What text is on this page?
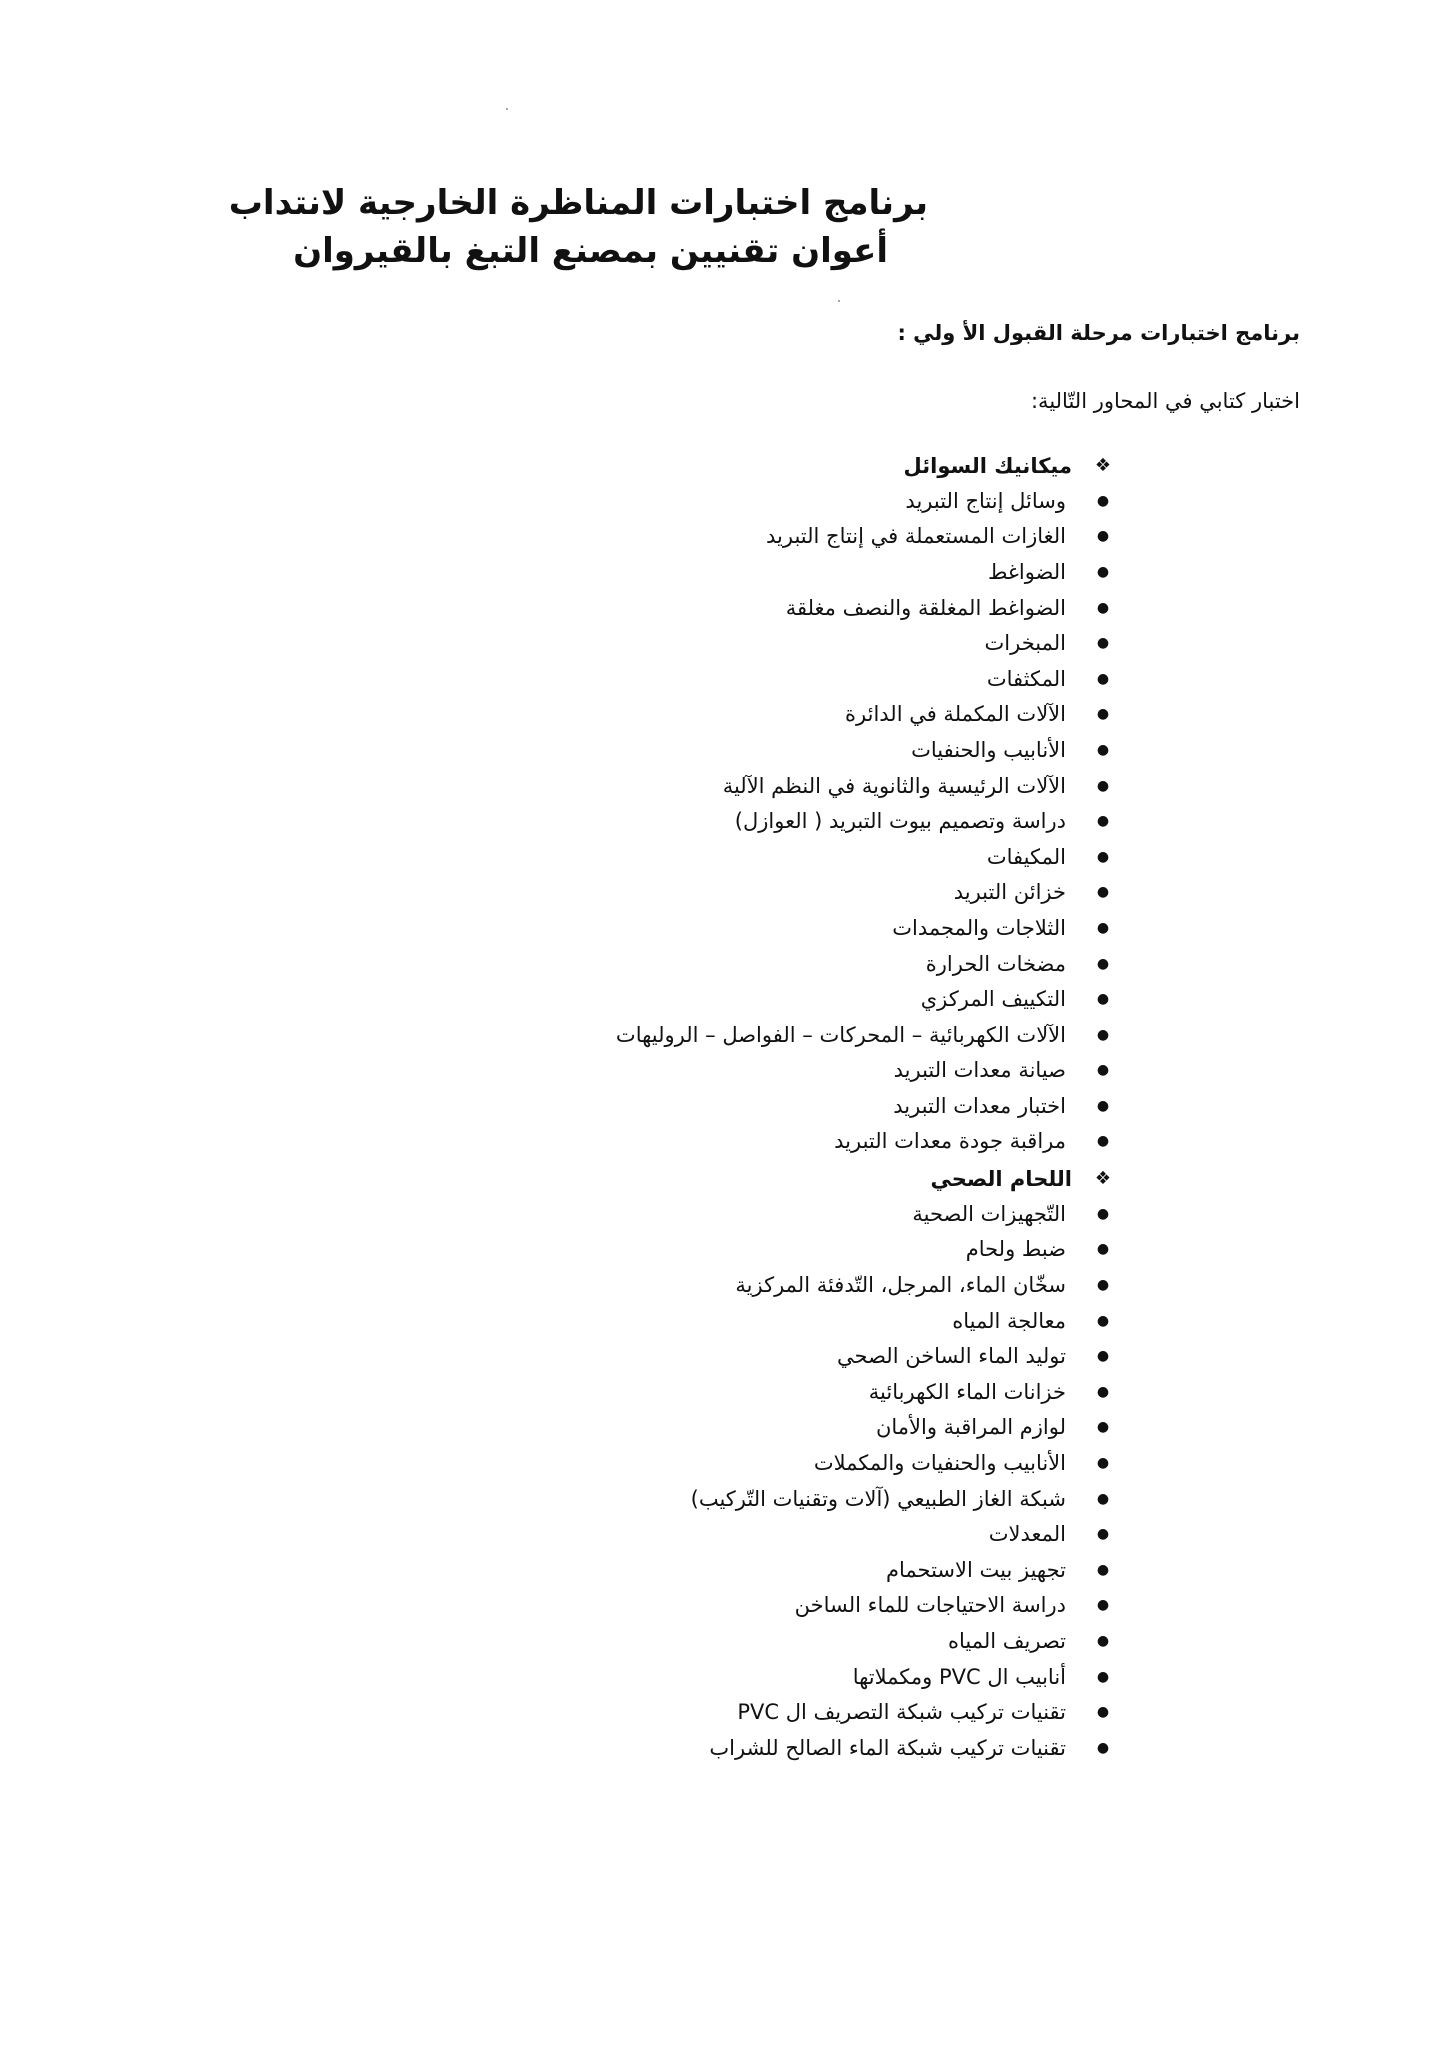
برنامج اختبارات المناظرة الخارجية لانتداب
أعوان تقنيين بمصنع التبغ بالقيروان

برنامج اختبارات مرحلة القبول الأ ولي :

اختبار كتابي في المحاور التّالية:

❖
ميكانيك السوائل
●
وسائل إنتاج التبريد
●
الغازات المستعملة في إنتاج التبريد
●
الضواغط
●
الضواغط المغلقة والنصف مغلقة
●
المبخرات
●
المكثفات
●
الآلات المكملة في الدائرة
●
الأنابيب والحنفيات
●
الآلات الرئيسية والثانوية في النظم الآلية
●
دراسة وتصميم بيوت التبريد ( العوازل)
●
المكيفات
●
خزائن التبريد
●
الثلاجات والمجمدات
●
مضخات الحرارة
●
التكييف المركزي
●
الآلات الكهربائية – المحركات – الفواصل – الروليهات
●
صيانة معدات التبريد
●
اختبار معدات التبريد
●
مراقبة جودة معدات التبريد
❖
اللحام الصحي
●
التّجهيزات الصحية
●
ضبط ولحام
●
سخّان الماء، المرجل، التّدفئة المركزية
●
معالجة المياه
●
توليد الماء الساخن الصحي
●
خزانات الماء الكهربائية
●
لوازم المراقبة والأمان
●
الأنابيب والحنفيات والمكملات
●
شبكة الغاز الطبيعي (آلات وتقنيات التّركيب)
●
المعدلات
●
تجهيز بيت الاستحمام
●
دراسة الاحتياجات للماء الساخن
●
تصريف المياه
●
أنابيب ال PVC ومكملاتها
●
تقنيات تركيب شبكة التصريف ال PVC
●
تقنيات تركيب شبكة الماء الصالح للشراب
